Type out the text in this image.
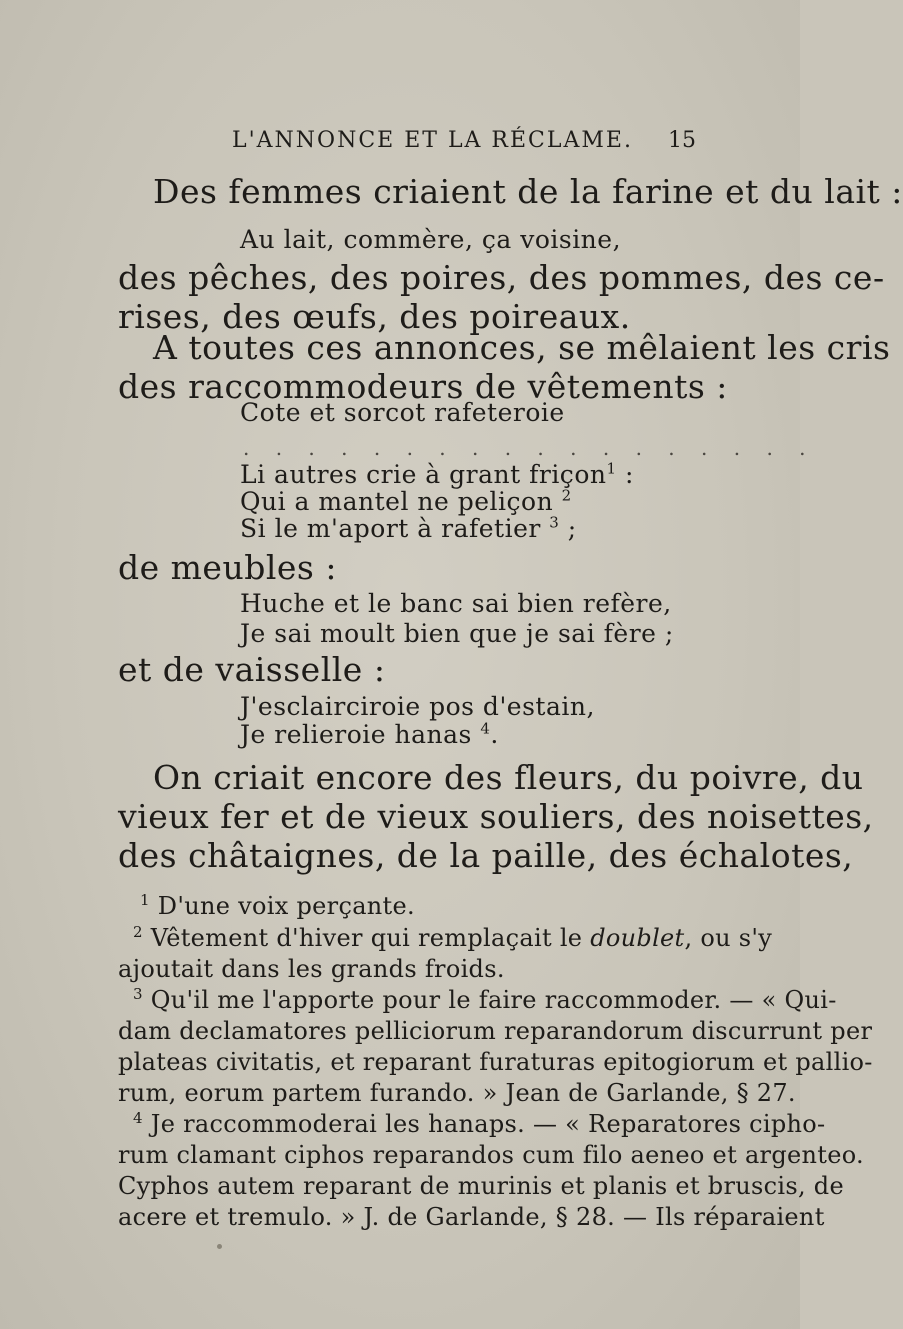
L'ANNONCE ET LA RÉCLAME. 15
Des femmes criaient de la farine et du lait :
Au lait, commère, ça voisine,
des pêches, des poires, des pommes, des ce-
rises, des œufs, des poireaux.
A toutes ces annonces, se mêlaient les cris
des raccommodeurs de vêtements :
Cote et sorcot rafeteroie
. . . . . . . . . . . . . . . . . .
Li autres crie à grant friçon$^1$ :
Qui a mantel ne peliçon $^2$
Si le m'aport à rafetier $^3$ ;
de meubles :
Huche et le banc sai bien refère,
Je sai moult bien que je sai fère ;
et de vaisselle :
J'esclairciroie pos d'estain,
Je relieroie hanas $^4$.
On criait encore des fleurs, du poivre, du
vieux fer et de vieux souliers, des noisettes,
des châtaignes, de la paille, des échalotes,
$^1$ D'une voix perçante.
$^2$ Vêtement d'hiver qui remplaçait le doublet, ou s'y
ajoutait dans les grands froids.
$^3$ Qu'il me l'apporte pour le faire raccommoder. — « Qui-
dam declamatores pelliciorum reparandorum discurrunt per
plateas civitatis, et reparant furaturas epitogiorum et pallio-
rum, eorum partem furando. » Jean de Garlande, § 27.
$^4$ Je raccommoderai les hanaps. — « Reparatores cipho-
rum clamant ciphos reparandos cum filo aeneo et argenteo.
Cyphos autem reparant de murinis et planis et bruscis, de
acere et tremulo. » J. de Garlande, § 28. — Ils réparaient
